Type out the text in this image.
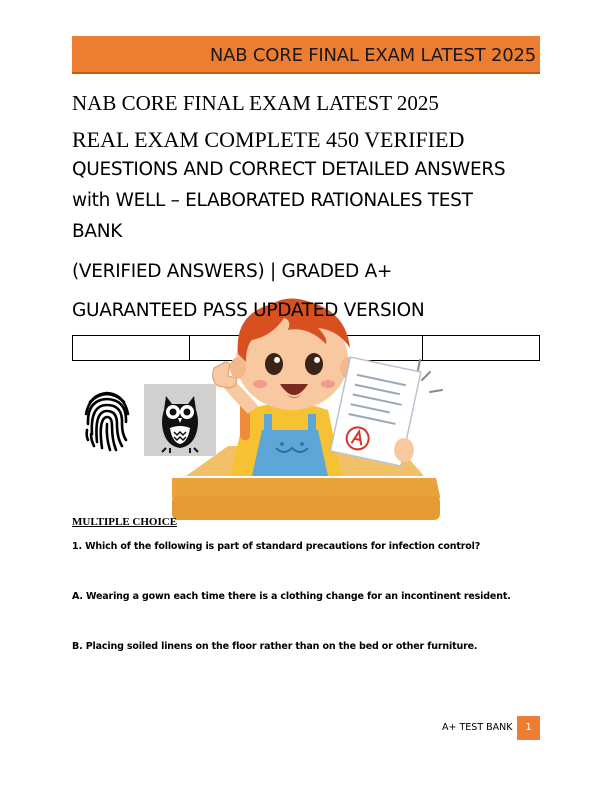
NAB CORE FINAL EXAM LATEST 2025
NAB CORE FINAL EXAM LATEST 2025
REAL EXAM COMPLETE 450 VERIFIED
QUESTIONS AND CORRECT DETAILED ANSWERS
with WELL – ELABORATED RATIONALES TEST
BANK
(VERIFIED ANSWERS) | GRADED A+

GUARANTEED PASS UPDATED VERSION
MULTIPLE CHOICE
1. Which of the following is part of standard precautions for infection control?
A. Wearing a gown each time there is a clothing change for an incontinent resident.
B. Placing soiled linens on the floor rather than on the bed or other furniture.
A+ TEST BANK	1
